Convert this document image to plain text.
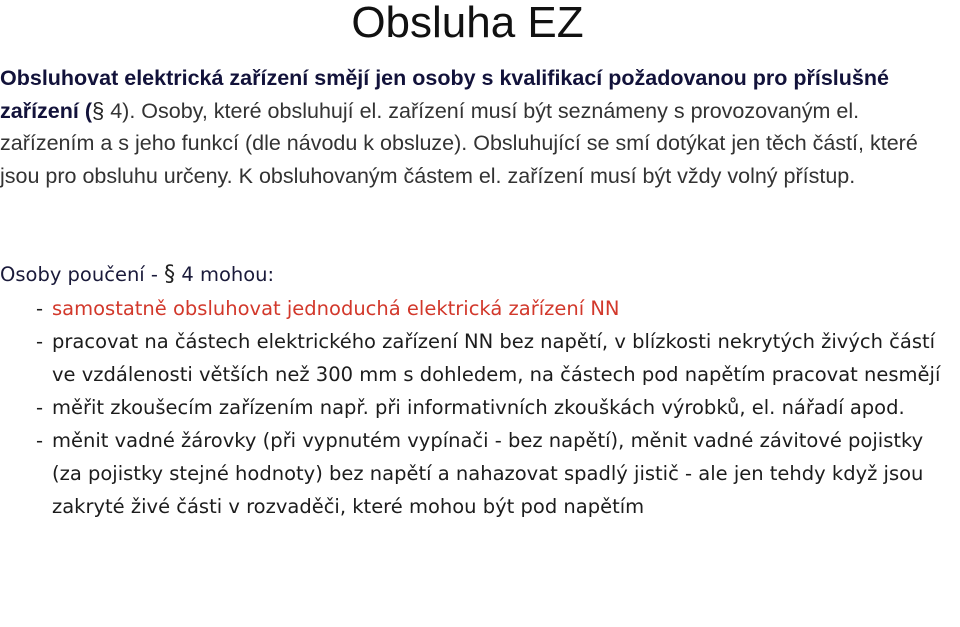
Obsluha EZ
Obsluhovat elektrická zařízení smějí jen osoby s kvalifikací požadovanou pro příslušné zařízení (§ 4). Osoby, které obsluhují el. zařízení musí být seznámeny s provozovaným el. zařízením a s jeho funkcí (dle návodu k obsluze). Obsluhující se smí dotýkat jen těch částí, které jsou pro obsluhu určeny. K obsluhovaným částem el. zařízení musí být vždy volný přístup.
Osoby poučení - § 4 mohou:
- samostatně obsluhovat jednoduchá elektrická zařízení NN
- pracovat na částech elektrického zařízení NN bez napětí, v blízkosti nekrytých živých částí ve vzdálenosti větších než 300 mm s dohledem, na částech pod napětím pracovat nesmějí
- měřit zkoušecím zařízením např. při informativních zkouškách výrobků, el. nářadí apod.
- měnit vadné žárovky (při vypnutém vypínači - bez napětí), měnit vadné závitové pojistky (za pojistky stejné hodnoty) bez napětí a nahazovat spadlý jistič - ale jen tehdy když jsou zakryté živé části v rozvaděči, které mohou být pod napětím
